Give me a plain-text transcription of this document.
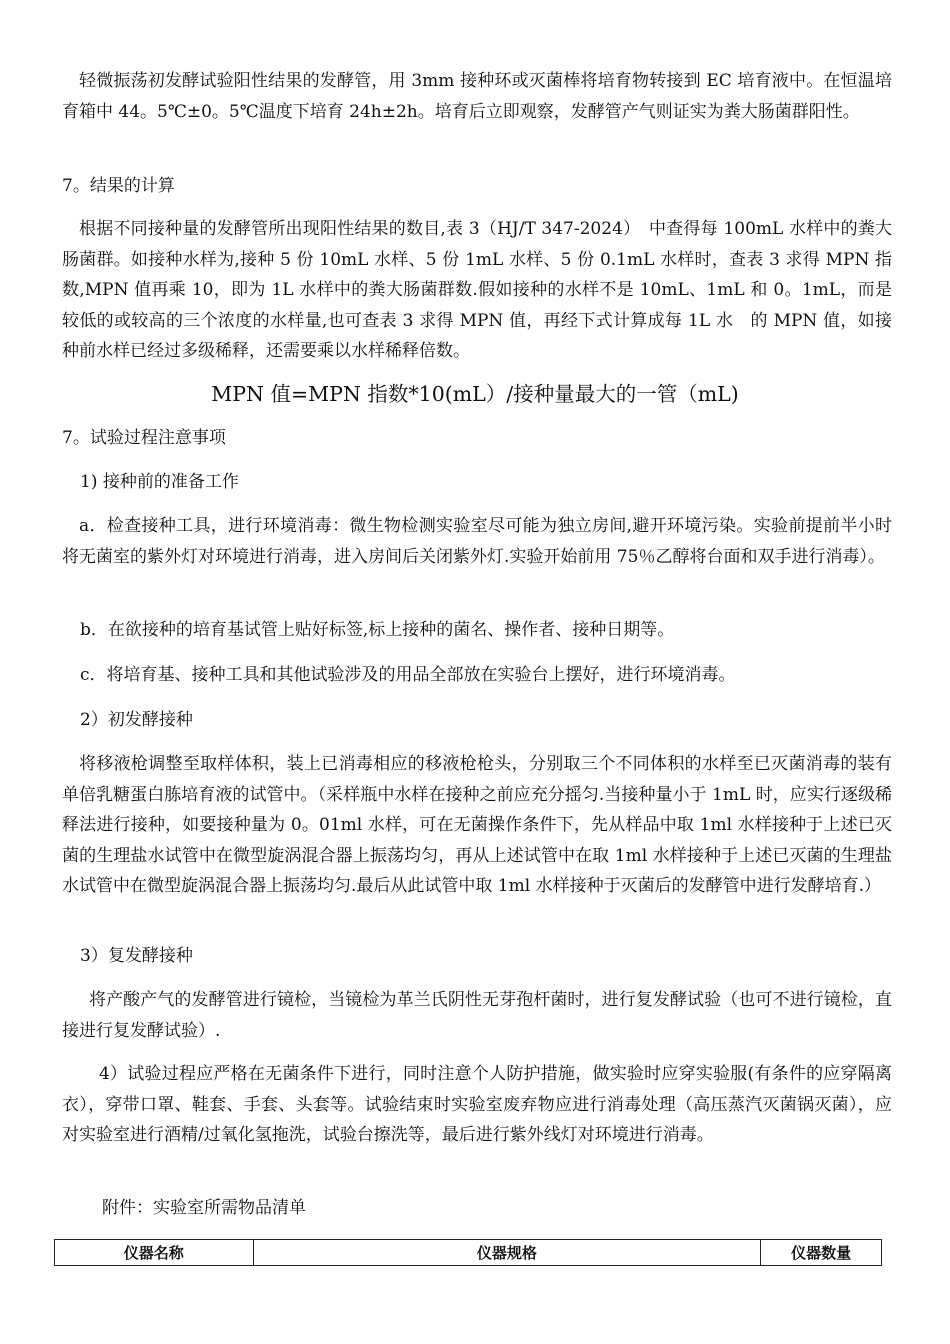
轻微振荡初发酵试验阳性结果的发酵管，用 3mm 接种环或灭菌棒将培育物转接到 EC 培育液中。在恒温培育箱中 44。5℃±0。5℃温度下培育 24h±2h。培育后立即观察，发酵管产气则证实为粪大肠菌群阳性。

7。结果的计算

根据不同接种量的发酵管所出现阳性结果的数目,表 3（HJ/T 347-2024）　中查得每 100mL 水样中的粪大肠菌群。如接种水样为,接种 5 份 10mL 水样、5 份 1mL 水样、5 份 0.1mL 水样时，查表 3 求得 MPN 指数,MPN 值再乘 10，即为 1L 水样中的粪大肠菌群数.假如接种的水样不是 10mL、1mL 和 0。1mL，而是较低的或较高的三个浓度的水样量,也可查表 3 求得 MPN 值，再经下式计算成每 1L 水　的 MPN 值，如接种前水样已经过多级稀释，还需要乘以水样稀释倍数。

MPN 值=MPN 指数*10(mL）/接种量最大的一管（mL)

7。试验过程注意事项

1) 接种前的准备工作

a．检查接种工具，进行环境消毒：微生物检测实验室尽可能为独立房间,避开环境污染。实验前提前半小时将无菌室的紫外灯对环境进行消毒，进入房间后关闭紫外灯.实验开始前用 75％乙醇将台面和双手进行消毒）。

b．在欲接种的培育基试管上贴好标签,标上接种的菌名、操作者、接种日期等。

c．将培育基、接种工具和其他试验涉及的用品全部放在实验台上摆好，进行环境消毒。

2）初发酵接种

将移液枪调整至取样体积，装上已消毒相应的移液枪枪头，分别取三个不同体积的水样至已灭菌消毒的装有单倍乳糖蛋白胨培育液的试管中。（采样瓶中水样在接种之前应充分摇匀.当接种量小于 1mL 时，应实行逐级稀释法进行接种，如要接种量为 0。01ml 水样，可在无菌操作条件下，先从样品中取 1ml 水样接种于上述已灭菌的生理盐水试管中在微型旋涡混合器上振荡均匀，再从上述试管中在取 1ml 水样接种于上述已灭菌的生理盐水试管中在微型旋涡混合器上振荡均匀.最后从此试管中取 1ml 水样接种于灭菌后的发酵管中进行发酵培育.）

3）复发酵接种

将产酸产气的发酵管进行镜检，当镜检为革兰氏阴性无芽孢杆菌时，进行复发酵试验（也可不进行镜检，直接进行复发酵试验）.

4）试验过程应严格在无菌条件下进行，同时注意个人防护措施，做实验时应穿实验服(有条件的应穿隔离衣），穿带口罩、鞋套、手套、头套等。试验结束时实验室废弃物应进行消毒处理（高压蒸汽灭菌锅灭菌），应对实验室进行酒精/过氧化氢拖洗，试验台擦洗等，最后进行紫外线灯对环境进行消毒。

附件：实验室所需物品清单

仪器名称	仪器规格	仪器数量
